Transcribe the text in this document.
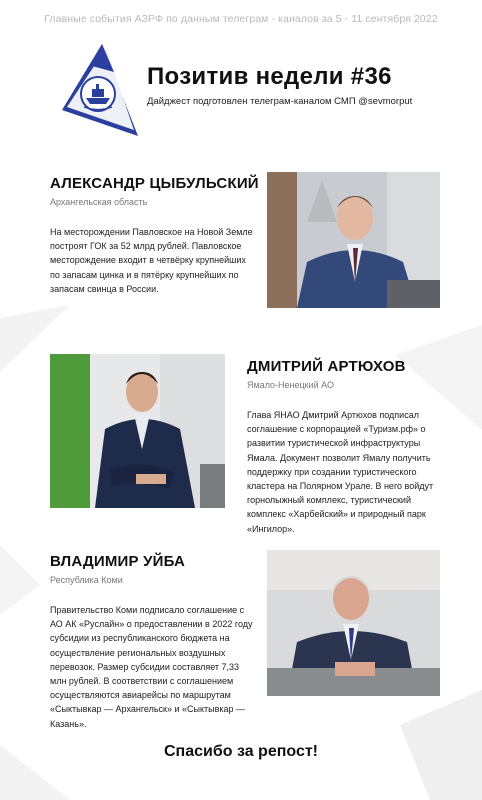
Главные события АЗРФ по данным телеграм - каналов за 5 - 11 сентября 2022
Позитив недели #36
Дайджест подготовлен телеграм-каналом СМП @sevmorput
АЛЕКСАНДР ЦЫБУЛЬСКИЙ
Архангельская область
На месторождении Павловское на Новой Земле построят ГОК за 52 млрд рублей. Павловское месторождение входит в четвёрку крупнейших по запасам цинка и в пятёрку крупнейших по запасам свинца в России.
ДМИТРИЙ АРТЮХОВ
Ямало-Ненецкий АО
Глава ЯНАО Дмитрий Артюхов подписал соглашение с корпорацией «Туризм.рф» о развитии туристической инфраструктуры Ямала. Документ позволит Ямалу получить поддержку при создании туристического кластера на Полярном Урале. В него войдут горнолыжный комплекс, туристический комплекс «Харбейский» и природный парк «Ингилор».
ВЛАДИМИР УЙБА
Республика Коми
Правительство Коми подписало соглашение с АО АК «Руслайн» о предоставлении в 2022 году субсидии из республиканского бюджета на осуществление региональных воздушных перевозок. Размер субсидии составляет 7,33 млн рублей. В соответствии с соглашением осуществляются авиарейсы по маршрутам «Сыктывкар — Архангельск» и «Сыктывкар — Казань».
Спасибо за репост!
